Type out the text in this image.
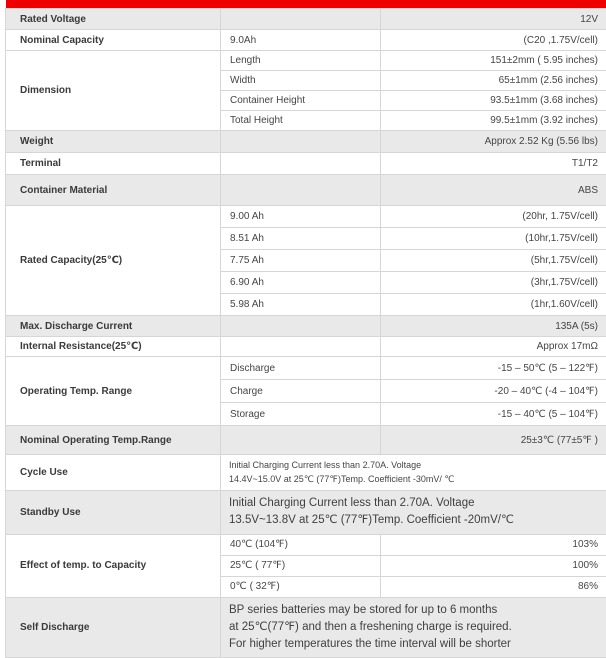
Rated Voltage		12V
Nominal Capacity	9.0Ah	(C20 ,1.75V/cell)
Dimension	Length	151±2mm ( 5.95 inches)
	Width	65±1mm (2.56 inches)
	Container Height	93.5±1mm (3.68 inches)
	Total Height	99.5±1mm (3.92 inches)
Weight		Approx 2.52 Kg (5.56 lbs)
Terminal		T1/T2
Container Material		ABS
Rated Capacity(25℃)	9.00 Ah	(20hr, 1.75V/cell)
	8.51 Ah	(10hr,1.75V/cell)
	7.75 Ah	(5hr,1.75V/cell)
	6.90 Ah	(3hr,1.75V/cell)
	5.98 Ah	(1hr,1.60V/cell)
Max. Discharge Current		135A (5s)
Internal Resistance(25℃)		Approx 17mΩ
Operating Temp. Range	Discharge	-15 – 50℃ (5 – 122℉)
	Charge	-20 – 40℃ (-4 – 104℉)
	Storage	-15 – 40℃ (5 – 104℉)
Nominal Operating Temp.Range		25±3℃ (77±5℉ )
Cycle Use	Initial Charging Current less than 2.70A. Voltage
14.4V~15.0V at 25℃ (77℉)Temp. Coefficient -30mV/ ℃	

Standby Use	Initial Charging Current less than 2.70A. Voltage
13.5V~13.8V at 25℃ (77℉)Temp. Coefficient -20mV/℃	

Effect of temp. to Capacity	40℃ (104℉)	103%
	25℃ ( 77℉)	100%
	0℃ ( 32℉)	86%
Self Discharge	BP series batteries may be stored for up to 6 months
at 25℃(77℉) and then a freshening charge is required.
For higher temperatures the time interval will be shorter	
